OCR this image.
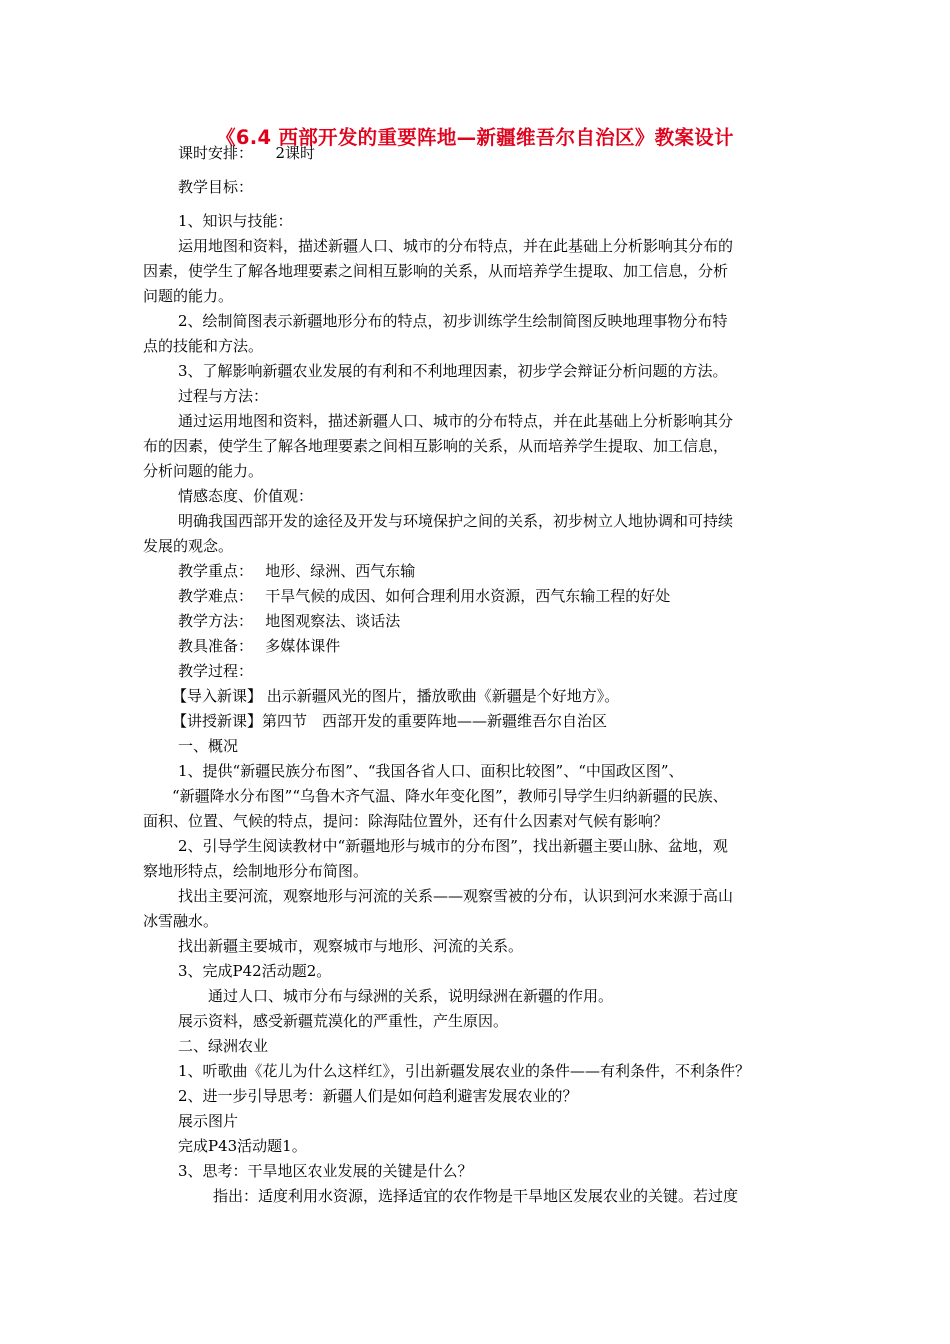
《6.4 西部开发的重要阵地—新疆维吾尔自治区》教案设计
课时安排：　　2课时
教学目标：
1、知识与技能：
运用地图和资料，描述新疆人口、城市的分布特点，并在此基础上分析影响其分布的
因素，使学生了解各地理要素之间相互影响的关系，从而培养学生提取、加工信息，分析
问题的能力。
2、绘制简图表示新疆地形分布的特点，初步训练学生绘制简图反映地理事物分布特
点的技能和方法。
3、了解影响新疆农业发展的有利和不利地理因素，初步学会辩证分析问题的方法。
过程与方法：
通过运用地图和资料，描述新疆人口、城市的分布特点，并在此基础上分析影响其分
布的因素，使学生了解各地理要素之间相互影响的关系，从而培养学生提取、加工信息，
分析问题的能力。
情感态度、价值观：
明确我国西部开发的途径及开发与环境保护之间的关系，初步树立人地协调和可持续
发展的观念。
教学重点：　 地形、绿洲、西气东输
教学难点：　 干旱气候的成因、如何合理利用水资源，西气东输工程的好处
教学方法：　 地图观察法、谈话法
教具准备：　 多媒体课件
教学过程：
【导入新课】 出示新疆风光的图片，播放歌曲《新疆是个好地方》。
【讲授新课】第四节　西部开发的重要阵地——新疆维吾尔自治区
一、概况
1、提供“新疆民族分布图”、“我国各省人口、面积比较图”、“中国政区图”、
“新疆降水分布图”“乌鲁木齐气温、降水年变化图”，教师引导学生归纳新疆的民族、
面积、位置、气候的特点，提问：除海陆位置外，还有什么因素对气候有影响？
2、引导学生阅读教材中“新疆地形与城市的分布图”，找出新疆主要山脉、盆地，观
察地形特点，绘制地形分布简图。
找出主要河流，观察地形与河流的关系——观察雪被的分布，认识到河水来源于高山
冰雪融水。
找出新疆主要城市，观察城市与地形、河流的关系。
3、完成P42活动题2。
通过人口、城市分布与绿洲的关系，说明绿洲在新疆的作用。
展示资料，感受新疆荒漠化的严重性，产生原因。
二、绿洲农业
1、听歌曲《花儿为什么这样红》，引出新疆发展农业的条件——有利条件，不利条件？
2、进一步引导思考：新疆人们是如何趋利避害发展农业的？
展示图片
完成P43活动题1。
3、思考：干旱地区农业发展的关键是什么？
指出：适度利用水资源，选择适宜的农作物是干旱地区发展农业的关键。若过度
